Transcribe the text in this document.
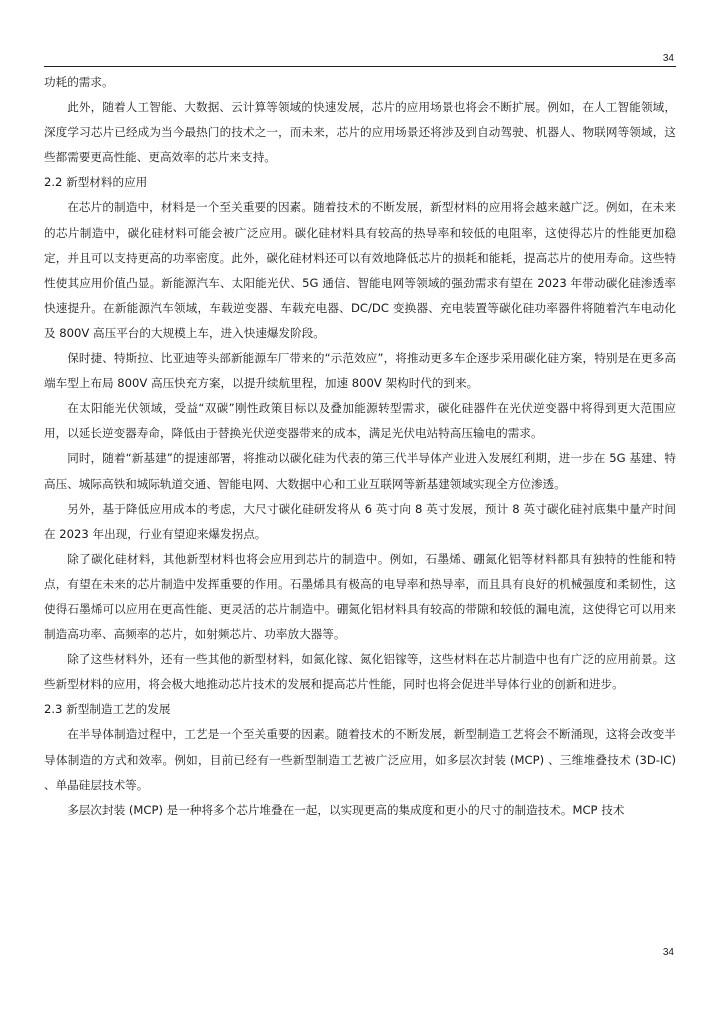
34

功耗的需求。

此外，随着人工智能、大数据、云计算等领域的快速发展，芯片的应用场景也将会不断扩展。例如，在人工智能领域，深度学习芯片已经成为当今最热门的技术之一，而未来，芯片的应用场景还将涉及到自动驾驶、机器人、物联网等领域，这些都需要更高性能、更高效率的芯片来支持。

2.2 新型材料的应用

在芯片的制造中，材料是一个至关重要的因素。随着技术的不断发展，新型材料的应用将会越来越广泛。例如，在未来的芯片制造中，碳化硅材料可能会被广泛应用。碳化硅材料具有较高的热导率和较低的电阻率，这使得芯片的性能更加稳定，并且可以支持更高的功率密度。此外，碳化硅材料还可以有效地降低芯片的损耗和能耗，提高芯片的使用寿命。这些特性使其应用价值凸显。新能源汽车、太阳能光伏、5G 通信、智能电网等领域的强劲需求有望在 2023 年带动碳化硅渗透率快速提升。在新能源汽车领域，车载逆变器、车载充电器、DC/DC 变换器、充电装置等碳化硅功率器件将随着汽车电动化及 800V 高压平台的大规模上车，进入快速爆发阶段。

保时捷、特斯拉、比亚迪等头部新能源车厂带来的“示范效应”，将推动更多车企逐步采用碳化硅方案，特别是在更多高端车型上布局 800V 高压快充方案，以提升续航里程，加速 800V 架构时代的到来。

在太阳能光伏领域，受益“双碳”刚性政策目标以及叠加能源转型需求，碳化硅器件在光伏逆变器中将得到更大范围应用，以延长逆变器寿命，降低由于替换光伏逆变器带来的成本，满足光伏电站特高压输电的需求。

同时，随着“新基建”的提速部署，将推动以碳化硅为代表的第三代半导体产业进入发展红利期，进一步在 5G 基建、特高压、城际高铁和城际轨道交通、智能电网、大数据中心和工业互联网等新基建领域实现全方位渗透。

另外，基于降低应用成本的考虑，大尺寸碳化硅研发将从 6 英寸向 8 英寸发展，预计 8 英寸碳化硅衬底集中量产时间在 2023 年出现，行业有望迎来爆发拐点。

除了碳化硅材料，其他新型材料也将会应用到芯片的制造中。例如，石墨烯、硼氮化铝等材料都具有独特的性能和特点，有望在未来的芯片制造中发挥重要的作用。石墨烯具有极高的电导率和热导率，而且具有良好的机械强度和柔韧性，这使得石墨烯可以应用在更高性能、更灵活的芯片制造中。硼氮化铝材料具有较高的带隙和较低的漏电流，这使得它可以用来制造高功率、高频率的芯片，如射频芯片、功率放大器等。

除了这些材料外，还有一些其他的新型材料，如氮化镓、氮化铝镓等，这些材料在芯片制造中也有广泛的应用前景。这些新型材料的应用，将会极大地推动芯片技术的发展和提高芯片性能，同时也将会促进半导体行业的创新和进步。

2.3 新型制造工艺的发展

在半导体制造过程中，工艺是一个至关重要的因素。随着技术的不断发展，新型制造工艺将会不断涌现，这将会改变半导体制造的方式和效率。例如，目前已经有一些新型制造工艺被广泛应用，如多层次封装 (MCP) 、三维堆叠技术 (3D-IC) 、单晶硅层技术等。

多层次封装 (MCP) 是一种将多个芯片堆叠在一起，以实现更高的集成度和更小的尺寸的制造技术。MCP 技术

34
